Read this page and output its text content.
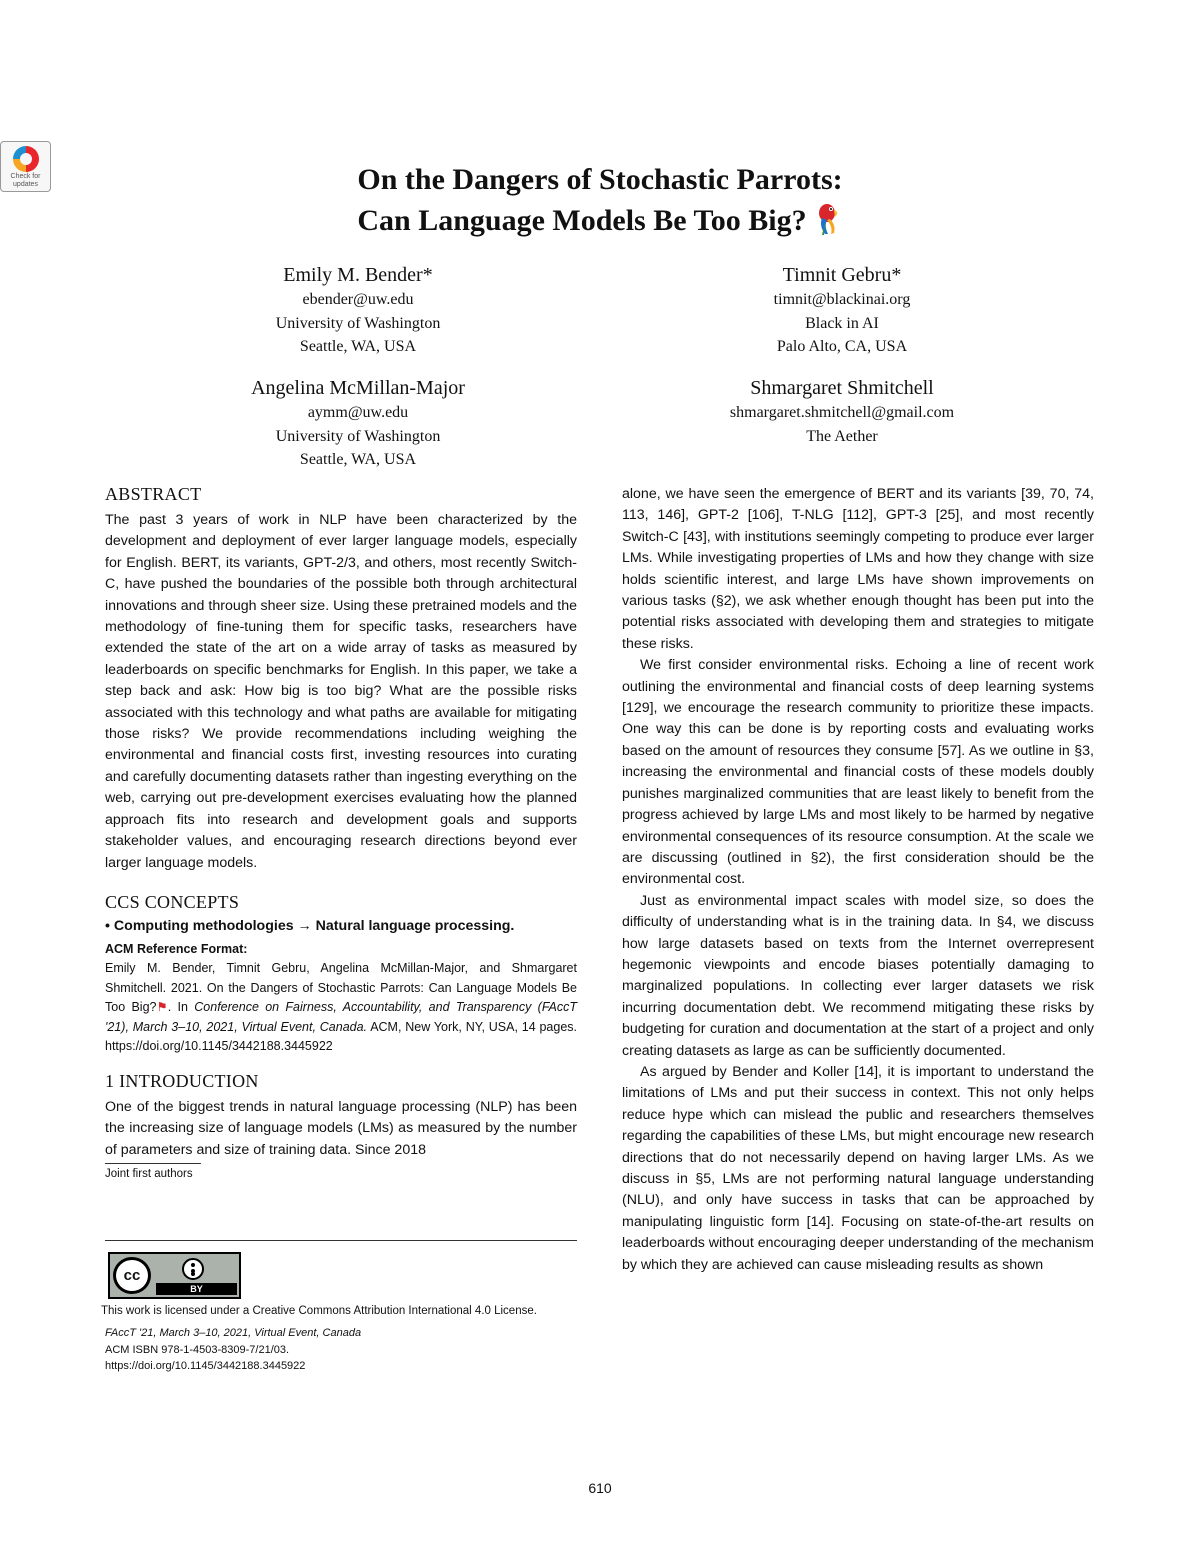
Check for
updates	On the Dangers of Stochastic Parrots:
Can Language Models Be Too Big?
Emily M. Bender*
ebender@uw.edu
University of Washington
Seattle, WA, USA
Timnit Gebru*
timnit@blackinai.org
Black in AI
Palo Alto, CA, USA
Angelina McMillan-Major
aymm@uw.edu
University of Washington
Seattle, WA, USA
Shmargaret Shmitchell
shmargaret.shmitchell@gmail.com
The Aether
ABSTRACT

The past 3 years of work in NLP have been characterized by the development and deployment of ever larger language models, especially for English. BERT, its variants, GPT-2/3, and others, most recently Switch-C, have pushed the boundaries of the possible both through architectural innovations and through sheer size. Using these pretrained models and the methodology of fine-tuning them for specific tasks, researchers have extended the state of the art on a wide array of tasks as measured by leaderboards on specific benchmarks for English. In this paper, we take a step back and ask: How big is too big? What are the possible risks associated with this technology and what paths are available for mitigating those risks? We provide recommendations including weighing the environmental and financial costs first, investing resources into curating and carefully documenting datasets rather than ingesting everything on the web, carrying out pre-development exercises evaluating how the planned approach fits into research and development goals and supports stakeholder values, and encouraging research directions beyond ever larger language models.

CCS CONCEPTS
• Computing methodologies → Natural language processing.
ACM Reference Format:

Emily M. Bender, Timnit Gebru, Angelina McMillan-Major, and Shmargaret Shmitchell. 2021. On the Dangers of Stochastic Parrots: Can Language Models Be Too Big?⚑. In Conference on Fairness, Accountability, and Transparency (FAccT '21), March 3–10, 2021, Virtual Event, Canada. ACM, New York, NY, USA, 14 pages. https://doi.org/10.1145/3442188.3445922

1 INTRODUCTION

One of the biggest trends in natural language processing (NLP) has been the increasing size of language models (LMs) as measured by the number of parameters and size of training data. Since 2018

Joint first authors
cc
BY
This work is licensed under a Creative Commons Attribution International 4.0 License.
FAccT '21, March 3–10, 2021, Virtual Event, Canada
ACM ISBN 978-1-4503-8309-7/21/03.
https://doi.org/10.1145/3442188.3445922

alone, we have seen the emergence of BERT and its variants [39, 70, 74, 113, 146], GPT-2 [106], T-NLG [112], GPT-3 [25], and most recently Switch-C [43], with institutions seemingly competing to produce ever larger LMs. While investigating properties of LMs and how they change with size holds scientific interest, and large LMs have shown improvements on various tasks (§2), we ask whether enough thought has been put into the potential risks associated with developing them and strategies to mitigate these risks.

We first consider environmental risks. Echoing a line of recent work outlining the environmental and financial costs of deep learning systems [129], we encourage the research community to prioritize these impacts. One way this can be done is by reporting costs and evaluating works based on the amount of resources they consume [57]. As we outline in §3, increasing the environmental and financial costs of these models doubly punishes marginalized communities that are least likely to benefit from the progress achieved by large LMs and most likely to be harmed by negative environmental consequences of its resource consumption. At the scale we are discussing (outlined in §2), the first consideration should be the environmental cost.

Just as environmental impact scales with model size, so does the difficulty of understanding what is in the training data. In §4, we discuss how large datasets based on texts from the Internet overrepresent hegemonic viewpoints and encode biases potentially damaging to marginalized populations. In collecting ever larger datasets we risk incurring documentation debt. We recommend mitigating these risks by budgeting for curation and documentation at the start of a project and only creating datasets as large as can be sufficiently documented.

As argued by Bender and Koller [14], it is important to understand the limitations of LMs and put their success in context. This not only helps reduce hype which can mislead the public and researchers themselves regarding the capabilities of these LMs, but might encourage new research directions that do not necessarily depend on having larger LMs. As we discuss in §5, LMs are not performing natural language understanding (NLU), and only have success in tasks that can be approached by manipulating linguistic form [14]. Focusing on state-of-the-art results on leaderboards without encouraging deeper understanding of the mechanism by which they are achieved can cause misleading results as shown

610
